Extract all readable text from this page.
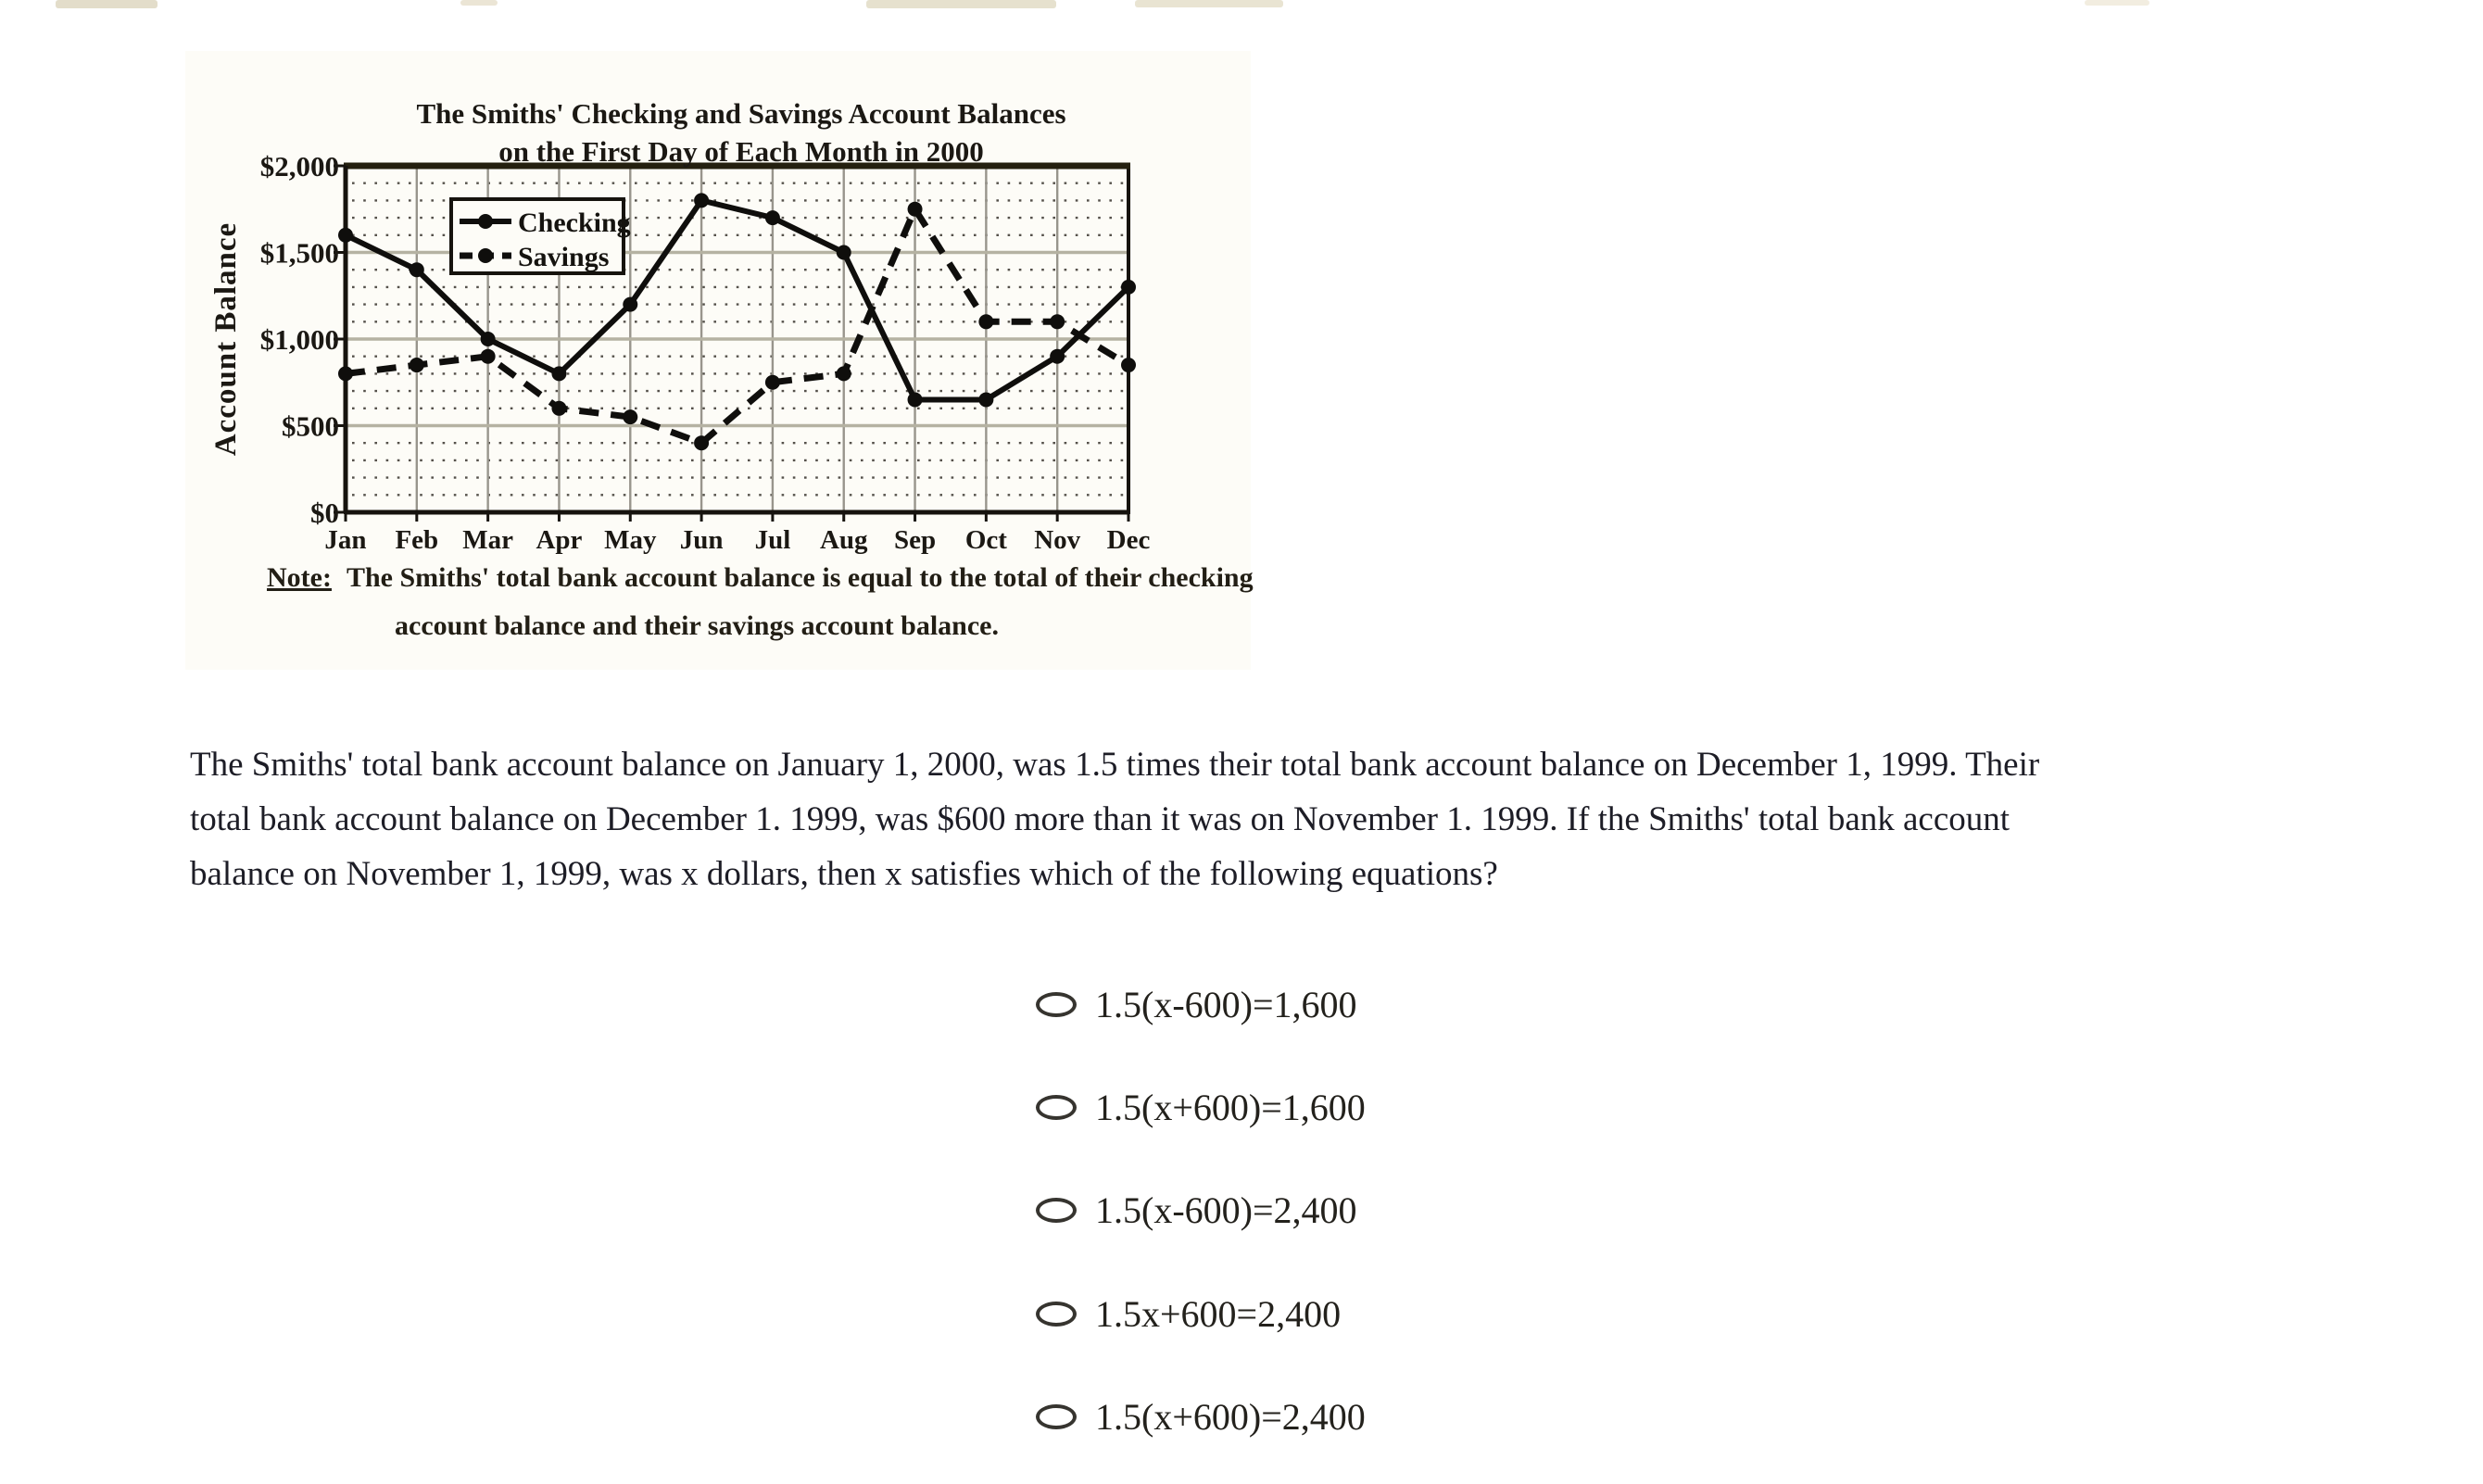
Jan Feb Mar Apr May Jun Jul Aug Sep Oct Nov Dec
$2,000
$1,500
$1,000
$500
$0
Checking
Savings
The Smiths' Checking and Savings Account Balances
on the First Day of Each Month in 2000
Account Balance
Note: The Smiths' total bank account balance is equal to the total of their checking
account balance and their savings account balance.
The Smiths' total bank account balance on January 1, 2000, was 1.5 times their total bank account balance on December 1, 1999. Their
total bank account balance on December 1. 1999, was $600 more than it was on November 1. 1999. If the Smiths' total bank account
balance on November 1, 1999, was x dollars, then x satisfies which of the following equations?
1.5(x-600)=1,600
1.5(x+600)=1,600
1.5(x-600)=2,400
1.5x+600=2,400
1.5(x+600)=2,400
